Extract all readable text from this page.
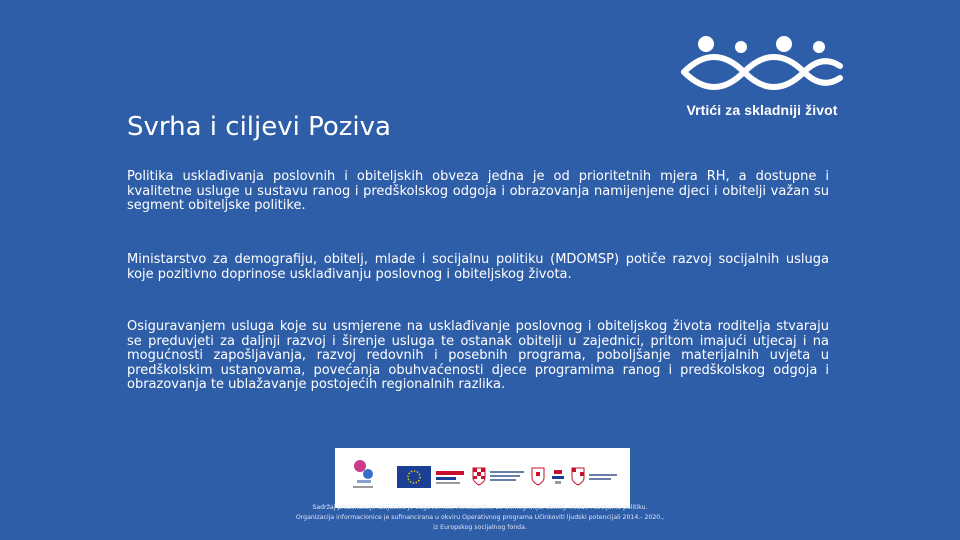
Vrtići za skladniji život
Svrha i ciljevi Poziva
Politika usklađivanja poslovnih i obiteljskih obveza jedna je od prioritetnih mjera RH, a dostupne i kvalitetne usluge u sustavu ranog i predškolskog odgoja i obrazovanja namijenjene djeci i obitelji važan su segment obiteljske politike.
Ministarstvo za demografiju, obitelj, mlade i socijalnu politiku (MDOMSP) potiče razvoj socijalnih usluga koje pozitivno doprinose usklađivanju poslovnog i obiteljskog života.
Osiguravanjem usluga koje su usmjerene na usklađivanje poslovnog i obiteljskog života roditelja stvaraju se preduvjeti za daljnji razvoj i širenje usluga te ostanak obitelji u zajednici, pritom imajući utjecaj i na mogućnosti zapošljavanja, razvoj redovnih i posebnih programa, poboljšanje materijalnih uvjeta u predškolskim ustanovama, povećanja obuhvaćenosti djece programima ranog i predškolskog odgoja i obrazovanja te ublažavanje postojećih regionalnih razlika.
Sadržaj prezentacije isključiva je odgovornost Ministarstva za demografiju, obitelj, mlade i socijalnu politiku.
Organizacija informacionice je sufinancirana u okviru Operativnog programa Učinkoviti ljudski potencijali 2014.- 2020.,
iz Europskog socijalnog fonda.
